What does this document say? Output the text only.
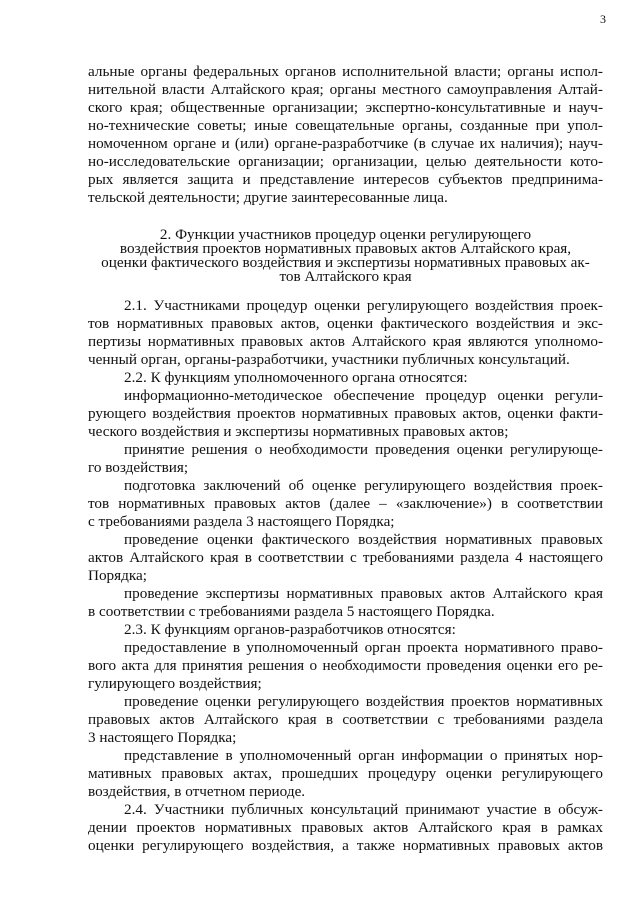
3
альные органы федеральных органов исполнительной власти; органы испол-
нительной власти Алтайского края; органы местного самоуправления Алтай-
ского края; общественные организации; экспертно-консультативные и науч-
но-технические советы; иные совещательные органы, созданные при упол-
номоченном органе и (или) органе-разработчике (в случае их наличия); науч-
но-исследовательские организации; организации, целью деятельности кото-
рых является защита и представление интересов субъектов предпринима-
тельской деятельности; другие заинтересованные лица.
2. Функции участников процедур оценки регулирующего
воздействия проектов нормативных правовых актов Алтайского края,
оценки фактического воздействия и экспертизы нормативных правовых ак-
тов Алтайского края
2.1. Участниками процедур оценки регулирующего воздействия проек-
тов нормативных правовых актов, оценки фактического воздействия и экс-
пертизы нормативных правовых актов Алтайского края являются уполномо-
ченный орган, органы-разработчики, участники публичных консультаций.
2.2. К функциям уполномоченного органа относятся:
информационно-методическое обеспечение процедур оценки регули-
рующего воздействия проектов нормативных правовых актов, оценки факти-
ческого воздействия и экспертизы нормативных правовых актов;
принятие решения о необходимости проведения оценки регулирующе-
го воздействия;
подготовка заключений об оценке регулирующего воздействия проек-
тов нормативных правовых актов (далее – «заключение») в соответствии
с требованиями раздела 3 настоящего Порядка;
проведение оценки фактического воздействия нормативных правовых
актов Алтайского края в соответствии с требованиями раздела 4 настоящего
Порядка;
проведение экспертизы нормативных правовых актов Алтайского края
в соответствии с требованиями раздела 5 настоящего Порядка.
2.3. К функциям органов-разработчиков относятся:
предоставление в уполномоченный орган проекта нормативного право-
вого акта для принятия решения о необходимости проведения оценки его ре-
гулирующего воздействия;
проведение оценки регулирующего воздействия проектов нормативных
правовых актов Алтайского края в соответствии с требованиями раздела
3 настоящего Порядка;
представление в уполномоченный орган информации о принятых нор-
мативных правовых актах, прошедших процедуру оценки регулирующего
воздействия, в отчетном периоде.
2.4. Участники публичных консультаций принимают участие в обсуж-
дении проектов нормативных правовых актов Алтайского края в рамках
оценки регулирующего воздействия, а также нормативных правовых актов
